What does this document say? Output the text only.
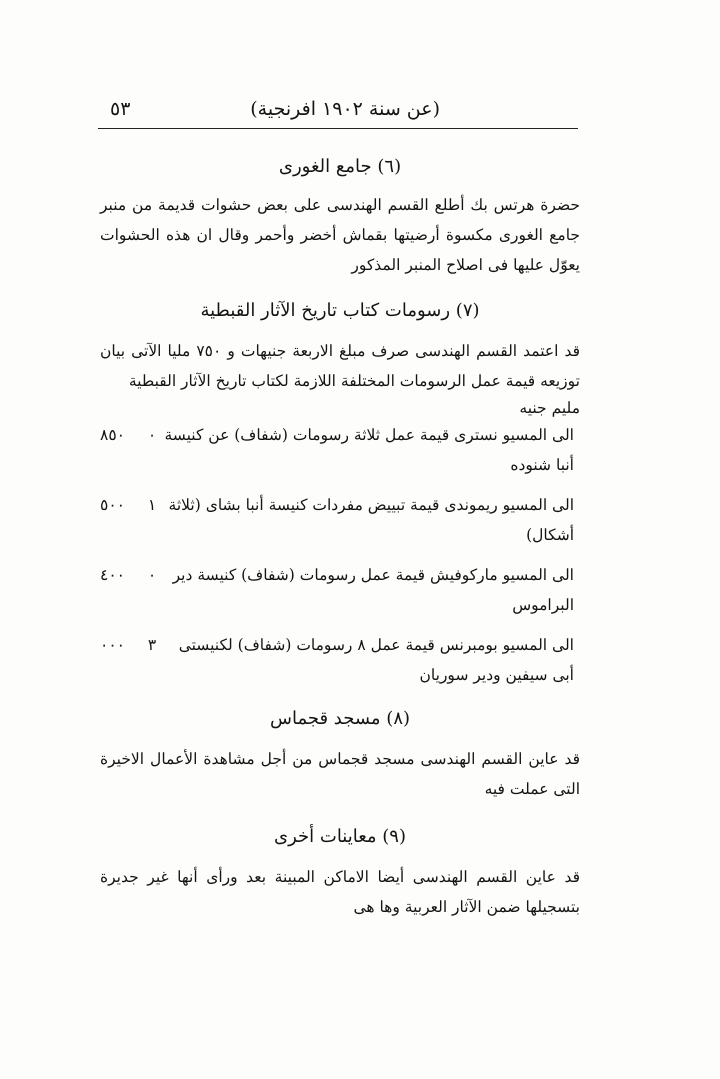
(عن سنة ١٩٠٢ افرنجية)
٥٣
(٦) جامع الغورى
حضرة هرتس بك أطلع القسم الهندسى على بعض حشوات قديمة من منبر جامع الغورى مكسوة أرضيتها بقماش أخضر وأحمر وقال ان هذه الحشوات يعوّل عليها فى اصلاح المنبر المذكور
(٧) رسومات كتاب تاريخ الآثار القبطية
قد اعتمد القسم الهندسى صرف مبلغ الاربعة جنيهات و ٧٥٠ مليا الآتى بيان توزيعه قيمة عمل الرسومات المختلفة اللازمة لكتاب تاريخ الآثار القبطية
مليم جنيه
٨٥٠	٠ الى المسيو نسترى قيمة عمل ثلاثة رسومات (شفاف) عن كنيسة أنبا شنوده
٥٠٠	١ الى المسيو ريموندى قيمة تبييض مفردات كنيسة أنبا بشاى (ثلاثة أشكال)
٤٠٠	٠	الى المسيو ماركوفيش قيمة عمل رسومات (شفاف) كنيسة دير البراموس
٠٠٠	٣	الى المسيو بومبرنس قيمة عمل ٨ رسومات (شفاف) لكنيستى أبى سيفين ودير سوريان
(٨) مسجد قجماس
قد عاين القسم الهندسى مسجد قجماس من أجل مشاهدة الأعمال الاخيرة التى عملت فيه
(٩) معاينات أخرى
قد عاين القسم الهندسى أيضا الاماكن المبينة بعد ورأى أنها غير جديرة بتسجيلها ضمن الآثار العربية وها هى
